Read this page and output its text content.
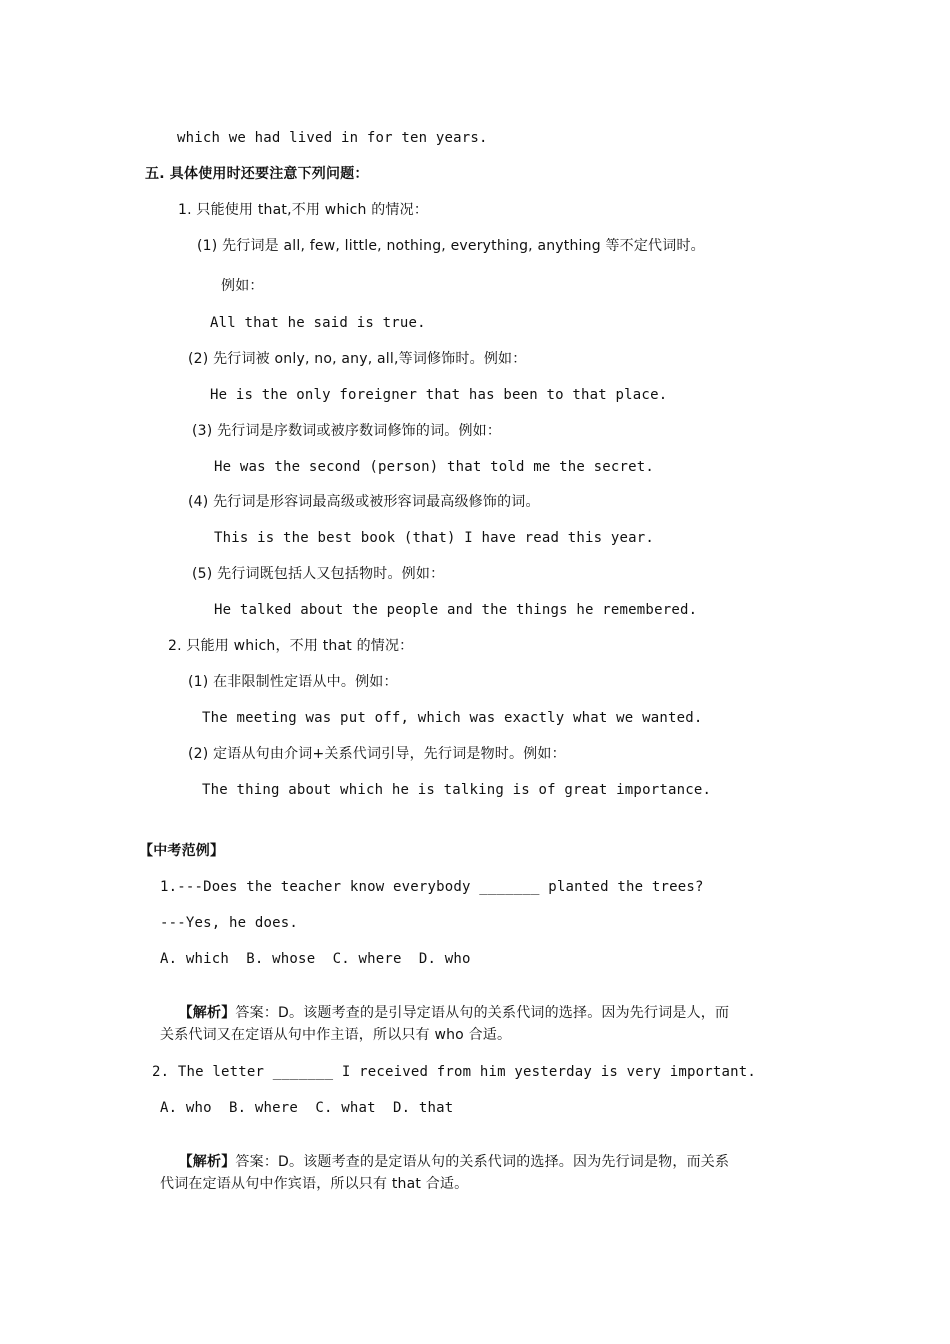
which we had lived in for ten years.
五. 具体使用时还要注意下列问题：
1. 只能使用 that,不用 which 的情况：
(1) 先行词是 all, few, little, nothing, everything, anything 等不定代词时。
例如：
All that he said is true.
(2) 先行词被 only, no, any, all,等词修饰时。例如：
He is the only foreigner that has been to that place.
(3) 先行词是序数词或被序数词修饰的词。例如：
He was the second (person) that told me the secret.
(4) 先行词是形容词最高级或被形容词最高级修饰的词。
This is the best book (that) I have read this year.
(5) 先行词既包括人又包括物时。例如：
He talked about the people and the things he remembered.
2. 只能用 which，不用 that 的情况：
(1) 在非限制性定语从中。例如：
The meeting was put off, which was exactly what we wanted.
(2) 定语从句由介词+关系代词引导，先行词是物时。例如：
The thing about which he is talking is of great importance.
【中考范例】
1.---Does the teacher know everybody _______ planted the trees?
---Yes, he does.
A. which  B. whose  C. where  D. who

【解析】答案：D。该题考查的是引导定语从句的关系代词的选择。因为先行词是人，而

关系代词又在定语从句中作主语，所以只有 who 合适。
2. The letter _______ I received from him yesterday is very important.
A. who  B. where  C. what  D. that

【解析】答案：D。该题考查的是定语从句的关系代词的选择。因为先行词是物，而关系

代词在定语从句中作宾语，所以只有 that 合适。
